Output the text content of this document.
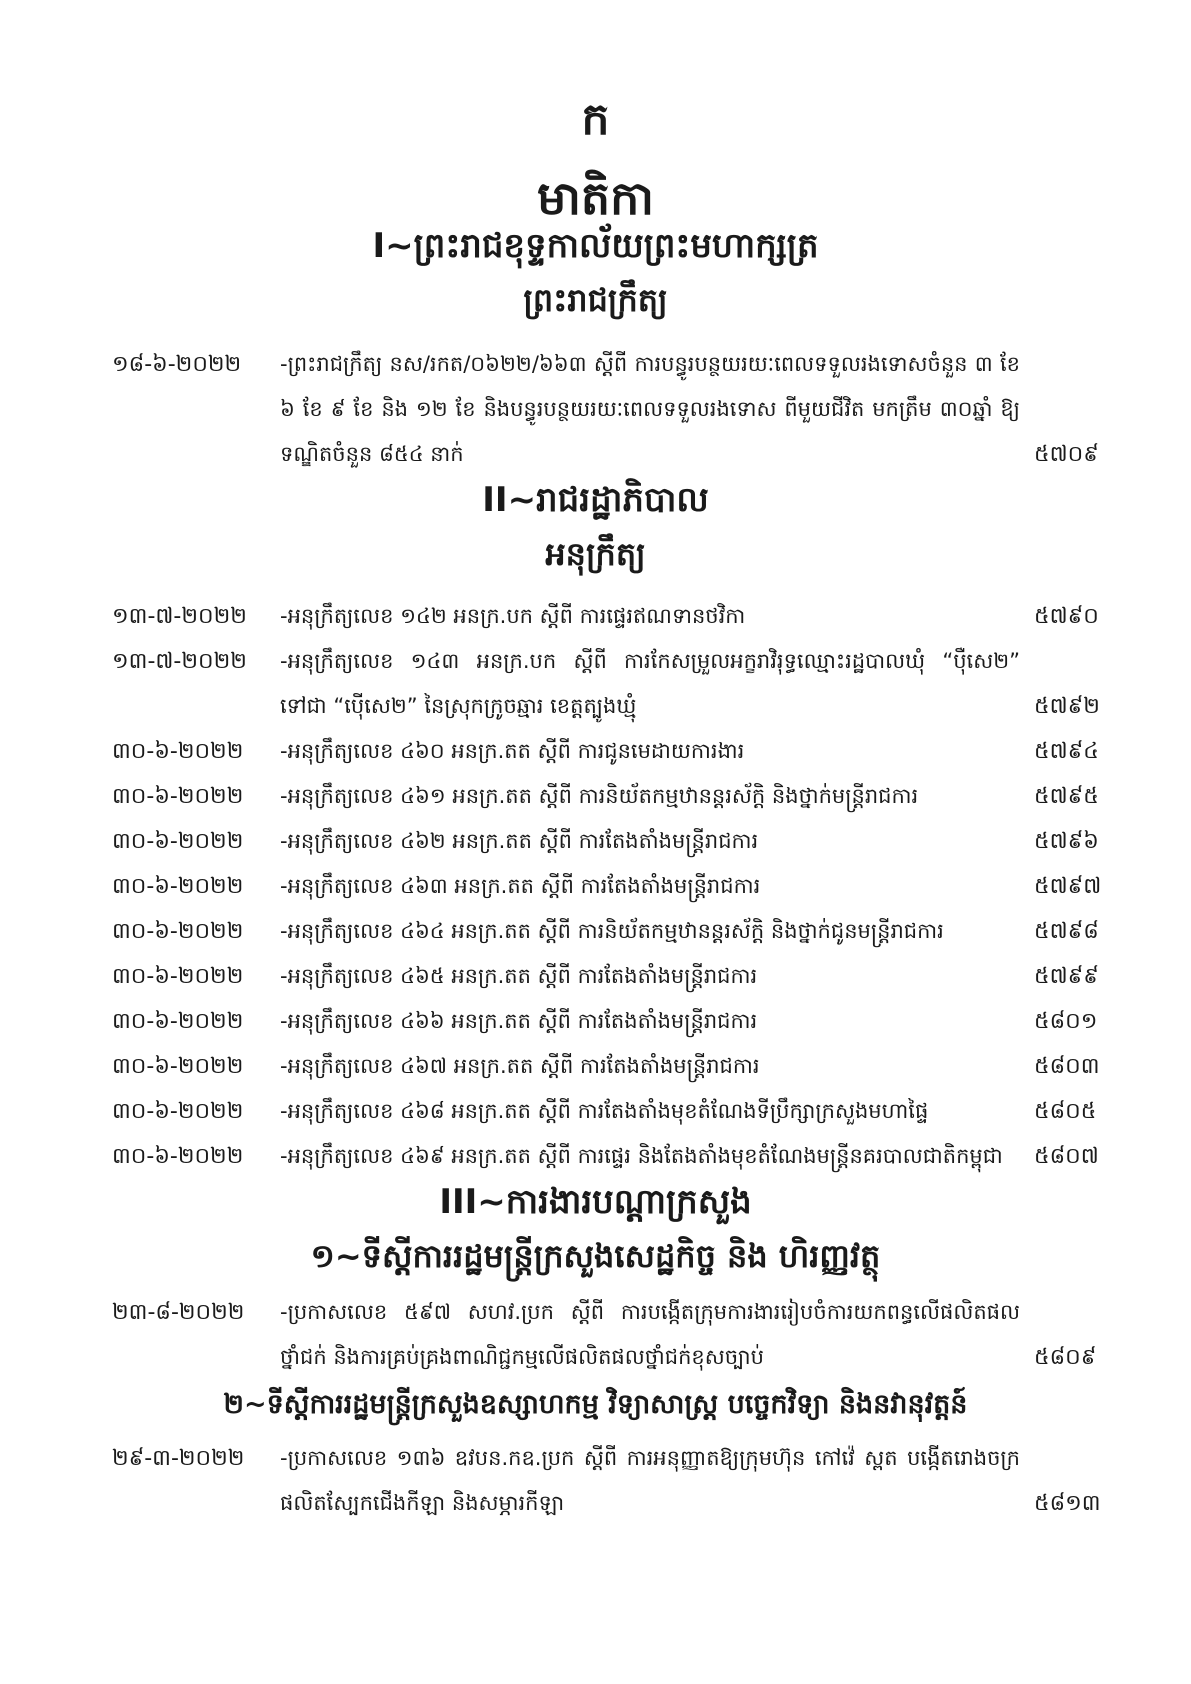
ក
មាតិកា
I~ព្រះរាជខុទ្ទកាល័យព្រះមហាក្សត្រ
ព្រះរាជក្រឹត្យ
១៨-៦-២០២២ -ព្រះរាជក្រឹត្យ នស/រកត/០៦២២/៦៦៣ ស្ដីពី ការបន្ធូរបន្ថយរយៈពេលទទួលរងទោសចំនួន ៣ ខែ ៦ ខែ ៩ ខែ និង ១២ ខែ និងបន្ធូរបន្ថយរយៈពេលទទួលរងទោស ពីមួយជីវិត មកត្រឹម ៣០ឆ្នាំ ឱ្យទណ្ឌិតចំនួន ៨៥៤ នាក់	៥៧០៩
II~រាជរដ្ឋាភិបាល
អនុក្រឹត្យ
១៣-៧-២០២២ -អនុក្រឹត្យលេខ ១៤២ អនក្រ.បក ស្ដីពី ការផ្ទេរឥណទានថវិកា	៥៧៩០
១៣-៧-២០២២ -អនុក្រឹត្យលេខ ១៤៣ អនក្រ.បក ស្ដីពី ការកែសម្រួលអក្ខរាវិរុទ្ធឈ្មោះរដ្ឋបាលឃុំ “ប៉ឺសេ២” ទៅជា “ប៉ើសេ២” នៃស្រុកក្រូចឆ្មារ ខេត្តត្បូងឃ្មុំ	៥៧៩២
៣០-៦-២០២២ -អនុក្រឹត្យលេខ ៤៦០ អនក្រ.តត ស្ដីពី ការជូនមេដាយការងារ	៥៧៩៤
៣០-៦-២០២២ -អនុក្រឹត្យលេខ ៤៦១ អនក្រ.តត ស្ដីពី ការនិយ័តកម្មឋានន្តរស័ក្តិ និងថ្នាក់មន្ត្រីរាជការ	៥៧៩៥
៣០-៦-២០២២ -អនុក្រឹត្យលេខ ៤៦២ អនក្រ.តត ស្ដីពី ការតែងតាំងមន្ត្រីរាជការ	៥៧៩៦
៣០-៦-២០២២ -អនុក្រឹត្យលេខ ៤៦៣ អនក្រ.តត ស្ដីពី ការតែងតាំងមន្ត្រីរាជការ	៥៧៩៧
៣០-៦-២០២២ -អនុក្រឹត្យលេខ ៤៦៤ អនក្រ.តត ស្ដីពី ការនិយ័តកម្មឋានន្តរស័ក្តិ និងថ្នាក់ជូនមន្ត្រីរាជការ	៥៧៩៨
៣០-៦-២០២២ -អនុក្រឹត្យលេខ ៤៦៥ អនក្រ.តត ស្ដីពី ការតែងតាំងមន្ត្រីរាជការ	៥៧៩៩
៣០-៦-២០២២ -អនុក្រឹត្យលេខ ៤៦៦ អនក្រ.តត ស្ដីពី ការតែងតាំងមន្ត្រីរាជការ	៥៨០១
៣០-៦-២០២២ -អនុក្រឹត្យលេខ ៤៦៧ អនក្រ.តត ស្ដីពី ការតែងតាំងមន្ត្រីរាជការ	៥៨០៣
៣០-៦-២០២២ -អនុក្រឹត្យលេខ ៤៦៨ អនក្រ.តត ស្ដីពី ការតែងតាំងមុខតំណែងទីប្រឹក្សាក្រសួងមហាផ្ទៃ	៥៨០៥
៣០-៦-២០២២ -អនុក្រឹត្យលេខ ៤៦៩ អនក្រ.តត ស្ដីពី ការផ្ទេរ និងតែងតាំងមុខតំណែងមន្ត្រីនគរបាលជាតិកម្ពុជា	៥៨០៧
III~ការងារបណ្ដាក្រសួង
១~ទីស្ដីការរដ្ឋមន្ត្រីក្រសួងសេដ្ឋកិច្ច និង ហិរញ្ញវត្ថុ
២៣-៨-២០២២ -ប្រកាសលេខ ៥៩៧ សហវ.ប្រក ស្ដីពី ការបង្កើតក្រុមការងាររៀបចំការយកពន្ធលើផលិតផលថ្នាំជក់ និងការគ្រប់គ្រងពាណិជ្ជកម្មលើផលិតផលថ្នាំជក់ខុសច្បាប់	៥៨០៩
២~ទីស្ដីការរដ្ឋមន្ត្រីក្រសួងឧស្សាហកម្ម វិទ្យាសាស្ត្រ បច្ចេកវិទ្យា និងនវានុវត្តន៍
២៩-៣-២០២២ -ប្រកាសលេខ ១៣៦ ឧវបន.កឧ.ប្រក ស្ដីពី ការអនុញ្ញាតឱ្យក្រុមហ៊ុន កៅវ៉េ ស្ពត បង្កើតរោងចក្រ ផលិតស្បែកជើងកីឡា និងសម្ភារកីឡា	៥៨១៣
